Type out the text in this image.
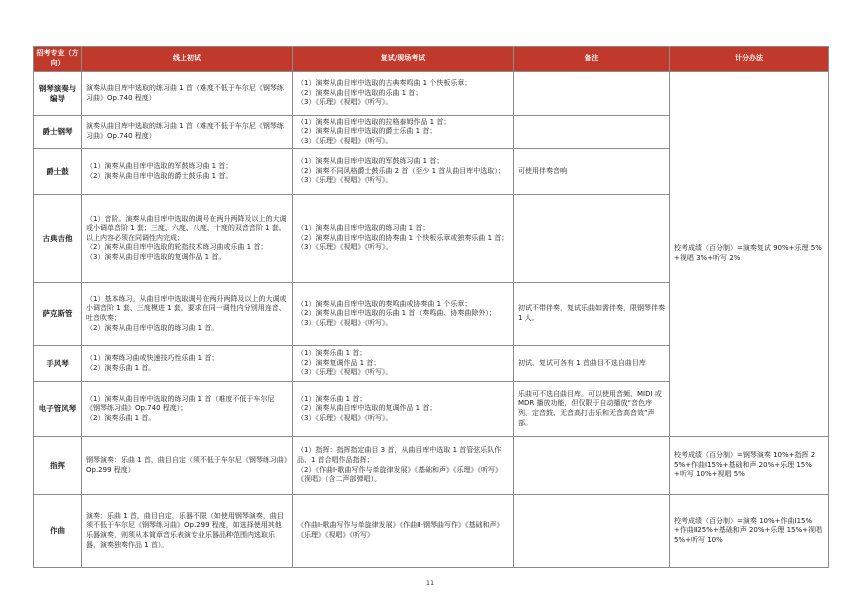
招考专业（方向）	线上初试	复试/现场考试	备注	计分办法
钢琴演奏与编导	演奏从曲目库中选取的练习曲 1 首（难度不低于车尔尼《钢琴练习曲》Op.740 程度）	（1）演奏从曲目库中选取的古典奏鸣曲 1 个快板乐章；
（2）演奏从曲目库中选取的乐曲 1 首；
（3）《乐理》《视唱》《听写》。		校考成绩（百分制）=演奏复试 90%+乐理 5%+视唱 3%+听写 2%
爵士钢琴	演奏从曲目库中选取的练习曲 1 首（难度不低于车尔尼《钢琴练习曲》Op.740 程度）	（1）演奏从曲目库中选取的拉格泰姆作品 1 首；
（2）演奏从曲目库中选取的爵士乐曲 1 首；
（3）《乐理》《视唱》《听写》。		

爵士鼓	（1）演奏从曲目库中选取的军鼓练习曲 1 首；
（2）演奏从曲目库中选取的爵士鼓乐曲 1 首。	（1）演奏从曲目库中选取的军鼓练习曲 1 首；
（2）演奏不同风格爵士鼓乐曲 2 首（至少 1 首从曲目库中选取）；
（3）《乐理》《视唱》《听写》。	可使用伴奏音响	

古典吉他	（1）音阶。演奏从曲目库中选取的调号在两升两降及以上的大调或小调单音阶 1 套；三度、六度、八度、十度的双音音阶 1 套。以上内容必须在同调性内完成；
（2）演奏从曲目库中选取的轮指技术练习曲或乐曲 1 首；
（3）演奏从曲目库中选取的复调作品 1 首。	（1）演奏从曲目库中选取的练习曲 1 首；
（2）演奏从曲目库中选取的协奏曲 1 个快板乐章或独奏乐曲 1 首；
（3）《乐理》《视唱》《听写》。		

萨克斯管	（1）基本练习。从曲目库中选取调号在两升两降及以上的大调或小调音阶 1 套、三度模进 1 套，要求在同一调性内分别用连音、吐音吹奏；
（2）演奏从曲目库中选取的练习曲 1 首。	（1）演奏从曲目库中选取的奏鸣曲或协奏曲 1 个乐章；
（2）演奏从曲目库中选取的乐曲 1 首（奏鸣曲、协奏曲除外）；
（3）《乐理》《视唱》《听写》。	初试不带伴奏，复试乐曲如需伴奏，限钢琴伴奏 1 人。	

手风琴	（1）演奏练习曲或快速技巧性乐曲 1 首；
（2）演奏乐曲 1 首。	（1）演奏乐曲 1 首；
（2）演奏复调作品 1 首；
（3）《乐理》《视唱》《听写》。	初试、复试可各有 1 首曲目不选自曲目库	

电子管风琴	（1）演奏从曲目库中选取的练习曲 1 首（难度不低于车尔尼《钢琴练习曲》Op.740 程度）；
（2）演奏乐曲 1 首。	（1）演奏乐曲 1 首；
（2）演奏从曲目库中选取的复调作品 1 首；
（3）《乐理》《视唱》《听写》。	乐曲可不选自曲目库。可以使用音频、MIDI 或 MDR 播放功能，但仅限于自动播放“音色序列、定音鼓、无音高打击乐和无音高音效”声部。	

指挥	钢琴演奏：乐曲 1 首，曲目自定（须不低于车尔尼《钢琴练习曲》Op.299 程度）	（1）指挥：指挥指定曲目 3 首，从曲目库中选取 1 首管弦乐队作品、1 首合唱作品指挥；
（2）《作曲Ⅰ-歌曲写作与单旋律发展》《基础和声》《乐理》《听写》《视唱》（含二声部弹唱）。		校考成绩（百分制）=钢琴演奏 10%+指挥 25%+作曲Ⅰ15%+基础和声 20%+乐理 15%+听写 10%+视唱 5%
作曲	演奏：乐曲 1 首，曲目自定，乐器不限（如使用钢琴演奏，曲目须不低于车尔尼《钢琴练习曲》Op.299 程度，如选择使用其他乐器演奏，则须从本简章音乐表演专业乐器品种范围内选取乐器，演奏独奏作品 1 首）。	《作曲Ⅰ-歌曲写作与单旋律发展》《作曲Ⅱ-钢琴曲写作》《基础和声》《乐理》《视唱》《听写》		校考成绩（百分制）=演奏 10%+作曲Ⅰ15%+作曲Ⅱ25%+基础和声 20%+乐理 15%+视唱 5%+听写 10%
11
